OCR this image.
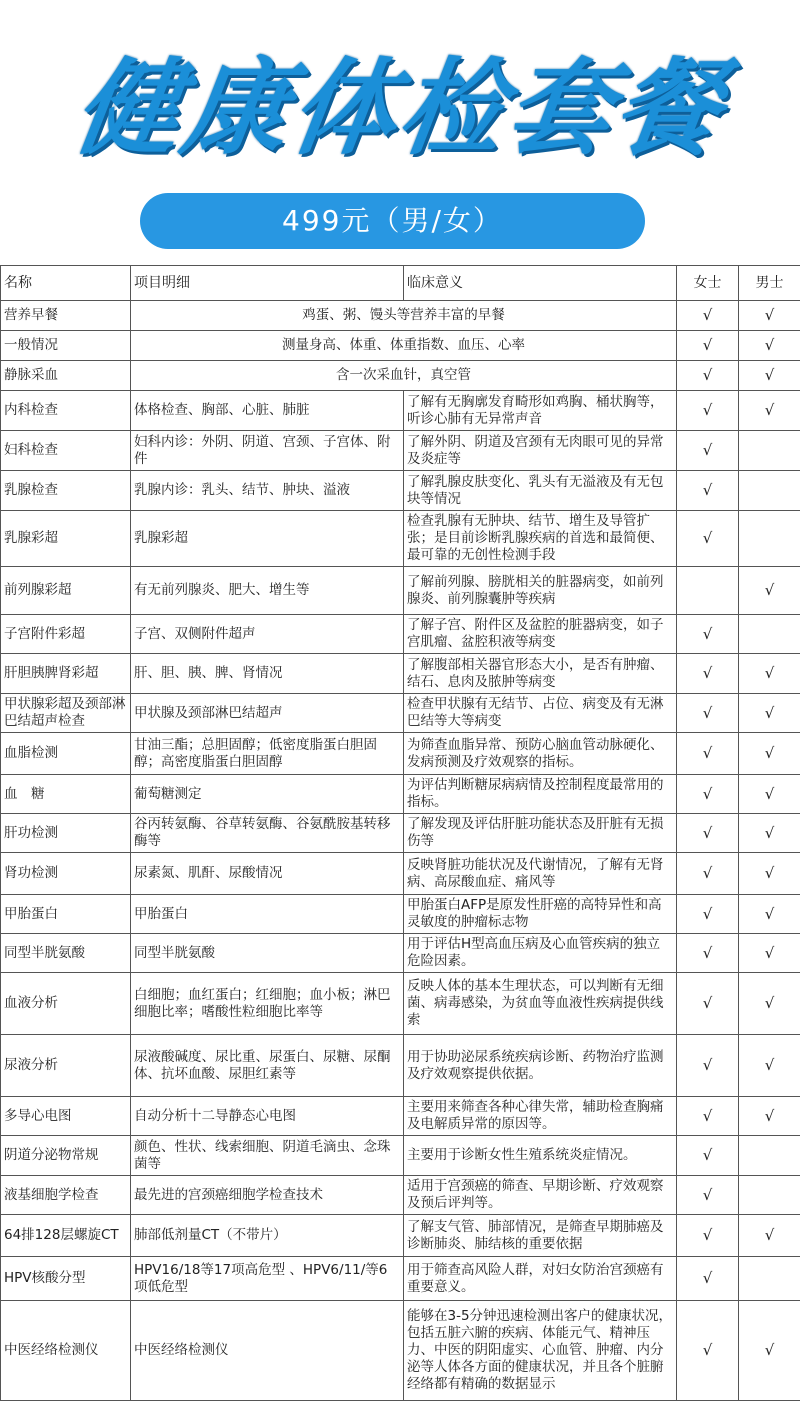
健康体检套餐
499元（男/女）
名称	项目明细	临床意义	女士	男士
营养早餐	鸡蛋、粥、馒头等营养丰富的早餐		√	√
一般情况	测量身高、体重、体重指数、血压、心率		√	√
静脉采血	含一次采血针，真空管		√	√
内科检查	体格检查、胸部、心脏、肺脏	了解有无胸廓发育畸形如鸡胸、桶状胸等，听诊心肺有无异常声音	√	√
妇科检查	妇科内诊：外阴、阴道、宫颈、子宫体、附件	了解外阴、阴道及宫颈有无肉眼可见的异常及炎症等	√	
乳腺检查	乳腺内诊：乳头、结节、肿块、溢液	了解乳腺皮肤变化、乳头有无溢液及有无包块等情况	√	
乳腺彩超	乳腺彩超	检查乳腺有无肿块、结节、增生及导管扩张；是目前诊断乳腺疾病的首选和最简便、最可靠的无创性检测手段	√	
前列腺彩超	有无前列腺炎、肥大、增生等	了解前列腺、膀胱相关的脏器病变，如前列腺炎、前列腺囊肿等疾病		√
子宫附件彩超	子宫、双侧附件超声	了解子宫、附件区及盆腔的脏器病变，如子宫肌瘤、盆腔积液等病变	√	
肝胆胰脾肾彩超	肝、胆、胰、脾、肾情况	了解腹部相关器官形态大小，是否有肿瘤、结石、息肉及脓肿等病变	√	√
甲状腺彩超及颈部淋巴结超声检查	甲状腺及颈部淋巴结超声	检查甲状腺有无结节、占位、病变及有无淋巴结等大等病变	√	√
血脂检测	甘油三酯；总胆固醇；低密度脂蛋白胆固醇；高密度脂蛋白胆固醇	为筛查血脂异常、预防心脑血管动脉硬化、发病预测及疗效观察的指标。	√	√
血　糖	葡萄糖测定	为评估判断糖尿病病情及控制程度最常用的指标。	√	√
肝功检测	谷丙转氨酶、谷草转氨酶、谷氨酰胺基转移酶等	了解发现及评估肝脏功能状态及肝脏有无损伤等	√	√
肾功检测	尿素氮、肌酐、尿酸情况	反映肾脏功能状况及代谢情况，了解有无肾病、高尿酸血症、痛风等	√	√
甲胎蛋白	甲胎蛋白	甲胎蛋白AFP是原发性肝癌的高特异性和高灵敏度的肿瘤标志物	√	√
同型半胱氨酸	同型半胱氨酸	用于评估H型高血压病及心血管疾病的独立危险因素。	√	√
血液分析	白细胞；血红蛋白；红细胞；血小板；淋巴细胞比率；嗜酸性粒细胞比率等	反映人体的基本生理状态，可以判断有无细菌、病毒感染，为贫血等血液性疾病提供线索	√	√
尿液分析	尿液酸碱度、尿比重、尿蛋白、尿糖、尿酮体、抗坏血酸、尿胆红素等	用于协助泌尿系统疾病诊断、药物治疗监测及疗效观察提供依据。	√	√
多导心电图	自动分析十二导静态心电图	主要用来筛查各种心律失常，辅助检查胸痛及电解质异常的原因等。	√	√
阴道分泌物常规	颜色、性状、线索细胞、阴道毛滴虫、念珠菌等	主要用于诊断女性生殖系统炎症情况。	√	
液基细胞学检查	最先进的宫颈癌细胞学检查技术	适用于宫颈癌的筛查、早期诊断、疗效观察及预后评判等。	√	
64排128层螺旋CT	肺部低剂量CT（不带片）	了解支气管、肺部情况，是筛查早期肺癌及诊断肺炎、肺结核的重要依据	√	√
HPV核酸分型	HPV16/18等17项高危型 、HPV6/11/等6项低危型	用于筛查高风险人群，对妇女防治宫颈癌有重要意义。	√	
中医经络检测仪	中医经络检测仪	能够在3-5分钟迅速检测出客户的健康状况，包括五脏六腑的疾病、体能元气、精神压力、中医的阴阳虚实、心血管、肿瘤、内分泌等人体各方面的健康状况，并且各个脏腑经络都有精确的数据显示	√	√
